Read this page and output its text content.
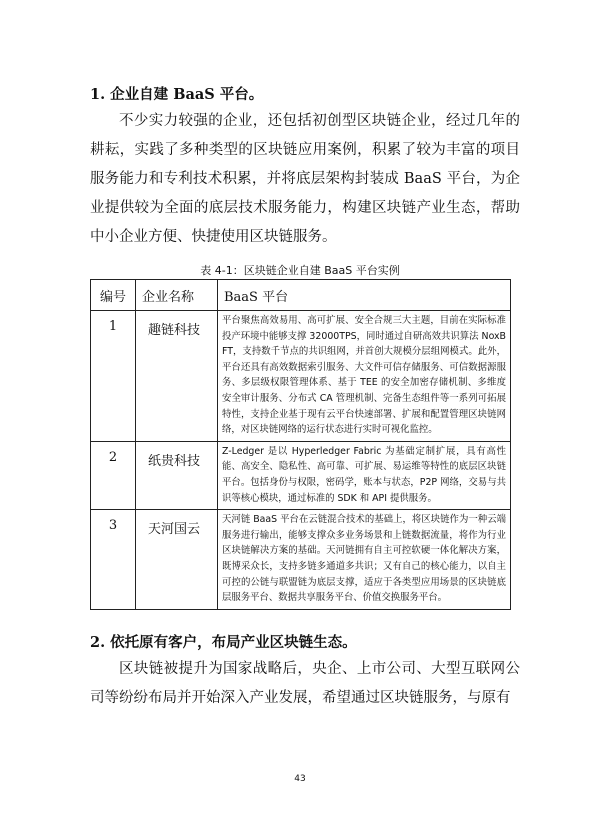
1. 企业自建 BaaS 平台。
不少实力较强的企业，还包括初创型区块链企业，经过几年的耕耘，实践了多种类型的区块链应用案例，积累了较为丰富的项目服务能力和专利技术积累，并将底层架构封装成 BaaS 平台，为企业提供较为全面的底层技术服务能力，构建区块链产业生态，帮助中小企业方便、快捷使用区块链服务。
表 4-1：区块链企业自建 BaaS 平台实例
编号	企业名称	BaaS 平台
1	趣链科技	平台聚焦高效易用、高可扩展、安全合规三大主题，目前在实际标准投产环境中能够支撑 32000TPS，同时通过自研高效共识算法 NoxBFT，支持数千节点的共识组网，并首创大规模分层组网模式。此外，平台还具有高效数据索引服务、大文件可信存储服务、可信数据源服务、多层级权限管理体系、基于 TEE 的安全加密存储机制、多维度安全审计服务、分布式 CA 管理机制、完备生态组件等一系列可拓展特性，支持企业基于现有云平台快速部署、扩展和配置管理区块链网络，对区块链网络的运行状态进行实时可视化监控。
2	纸贵科技	Z-Ledger 是以 Hyperledger Fabric 为基础定制扩展，具有高性能、高安全、隐私性、高可靠、可扩展、易运维等特性的底层区块链平台。包括身份与权限，密码学，账本与状态，P2P 网络，交易与共识等核心模块，通过标准的 SDK 和 API 提供服务。
3	天河国云	天河链 BaaS 平台在云链混合技术的基础上，将区块链作为一种云端服务进行输出，能够支撑众多业务场景和上链数据流量，将作为行业区块链解决方案的基础。天河链拥有自主可控软硬一体化解决方案，既博采众长，支持多链多通道多共识；又有自己的核心能力，以自主可控的公链与联盟链为底层支撑，适应于各类型应用场景的区块链底层服务平台、数据共享服务平台、价值交换服务平台。
2. 依托原有客户，布局产业区块链生态。
区块链被提升为国家战略后，央企、上市公司、大型互联网公司等纷纷布局并开始深入产业发展，希望通过区块链服务，与原有
43
